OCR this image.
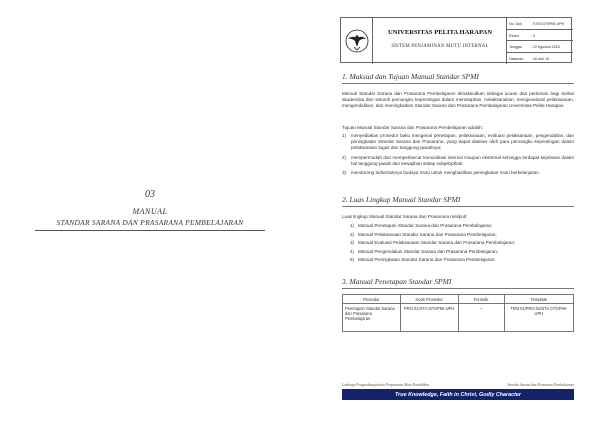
03
MANUAL
STANDAR SARANA DAN PRASARANA PEMBELAJARAN
UNIVERSITAS PELITA HARAPAN
SISTEM PENJAMINAN MUTU INTERNAL
No. Dok	: STM.07/SPMI-UPH
Revisi	: 0
Tanggal	: 22 Agustus 2016
Halaman	: 16 dari 18
1. Maksud dan Tujuan Manual Standar SPMI
Manual Standar Sarana dan Prasarana Pembelajaran dimaksudkan sebagai acuan dan pedoman bagi sivitas akademika dan seluruh pemangku kepentingan dalam menetapkan, melaksanakan, mengevaluasi pelaksanaan, mengendalikan, dan meningkatkan Standar Sarana dan Prasarana Pembelajaran Universitas Pelita Harapan.
Tujuan Manual Standar Sarana dan Prasarana Pembelajaran adalah:
1) menyediakan prosedur baku mengenai penetapan, pelaksanaan, evaluasi pelaksanaan, pengendalian, dan peningkatan Standar Sarana dan Prasarana, yang dapat diakses oleh para pemangku kepentingan dalam pelaksanaan tugas dan tanggung-jawabnya;
2) mempermudah dan memperlancar komunikasi internal maupun eksternal sehingga terdapat kejelasan dalam hal tanggung-jawab dan kewajiban setiap subjek/pihak;
3) mendorong terbentuknya budaya mutu untuk menghasilkan peningkatan mutu berkelanjutan.
2. Luas Lingkup Manual Standar SPMI
Luas lingkup Manual Standar Sarana dan Prasarana meliputi:
1) Manual Penetapan Standar Sarana dan Prasarana Pembelajaran;
2) Manual Pelaksanaan Standar Sarana dan Prasarana Pembelajaran;
3) Manual Evaluasi Pelaksanaan Standar Sarana dan Prasarana Pembelajaran;
4) Manual Pengendalian Standar Sarana dan Prasarana Pembelajaran;
5) Manual Peningkatan Standar Sarana dan Prasarana Pembelajaran.
3. Manual Penetapan Standar SPMI
Prosedur	Kode Prosedur	Formulir	Template
Penetapan Standar Sarana dan Prasarana Pembelajaran	PRO.01/STA.07/SPMI-UPH	–	TEM.01/PRO.02/STA.07/SPMI-UPH
Lembaga Pengembangan dan Penjaminan Mutu Pendidikan	Standar Sarana dan Prasarana Pembelajaran
True Knowledge, Faith in Christ, Godly Character
